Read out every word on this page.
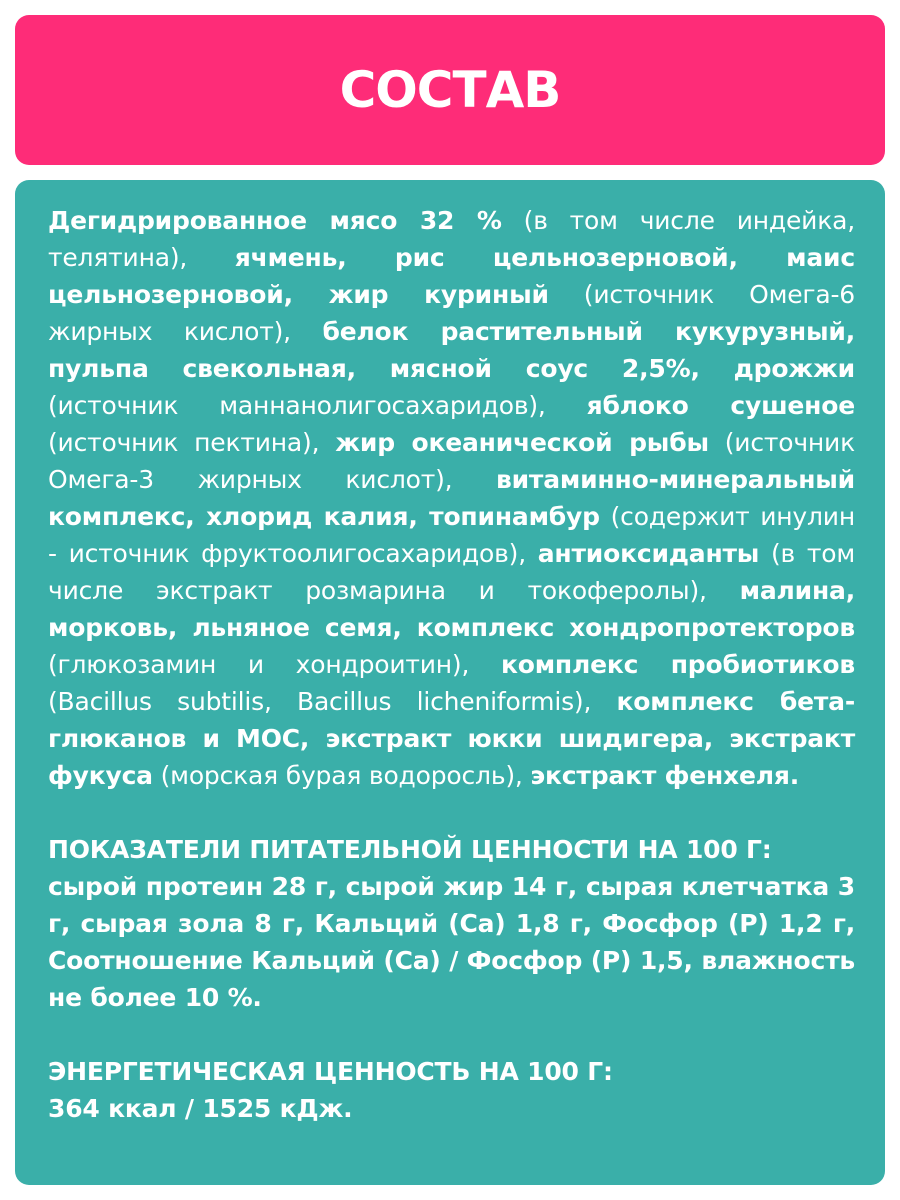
СОСТАВ

Дегидрированное мясо 32 % (в том числе индейка, телятина), ячмень, рис цельнозерновой, маис цельнозерновой, жир куриный (источник Омега-6 жирных кислот), белок растительный кукурузный, пульпа свекольная, мясной соус 2,5%, дрожжи (источник маннанолигосахаридов), яблоко сушеное (источник пектина), жир океанической рыбы (источник Омега-3 жирных кислот), витаминно-минеральный комплекс, хлорид калия, топинамбур (содержит инулин - источник фруктоолигосахаридов), антиоксиданты (в том числе экстракт розмарина и токоферолы), малина, морковь, льняное семя, комплекс хондропротекторов (глюкозамин и хондроитин), комплекс пробиотиков (Bacillus subtilis, Bacillus licheniformis), комплекс бета-глюканов и МОС, экстракт юкки шидигера, экстракт фукуса (морская бурая водоросль), экстракт фенхеля.

ПОКАЗАТЕЛИ ПИТАТЕЛЬНОЙ ЦЕННОСТИ НА 100 Г:
сырой протеин 28 г, сырой жир 14 г, сырая клетчатка 3 г, сырая зола 8 г, Кальций (Са) 1,8 г, Фосфор (Р) 1,2 г, Соотношение Кальций (Са) / Фосфор (Р) 1,5, влажность не более 10 %.
ЭНЕРГЕТИЧЕСКАЯ ЦЕННОСТЬ НА 100 Г:
364 ккал / 1525 кДж.
